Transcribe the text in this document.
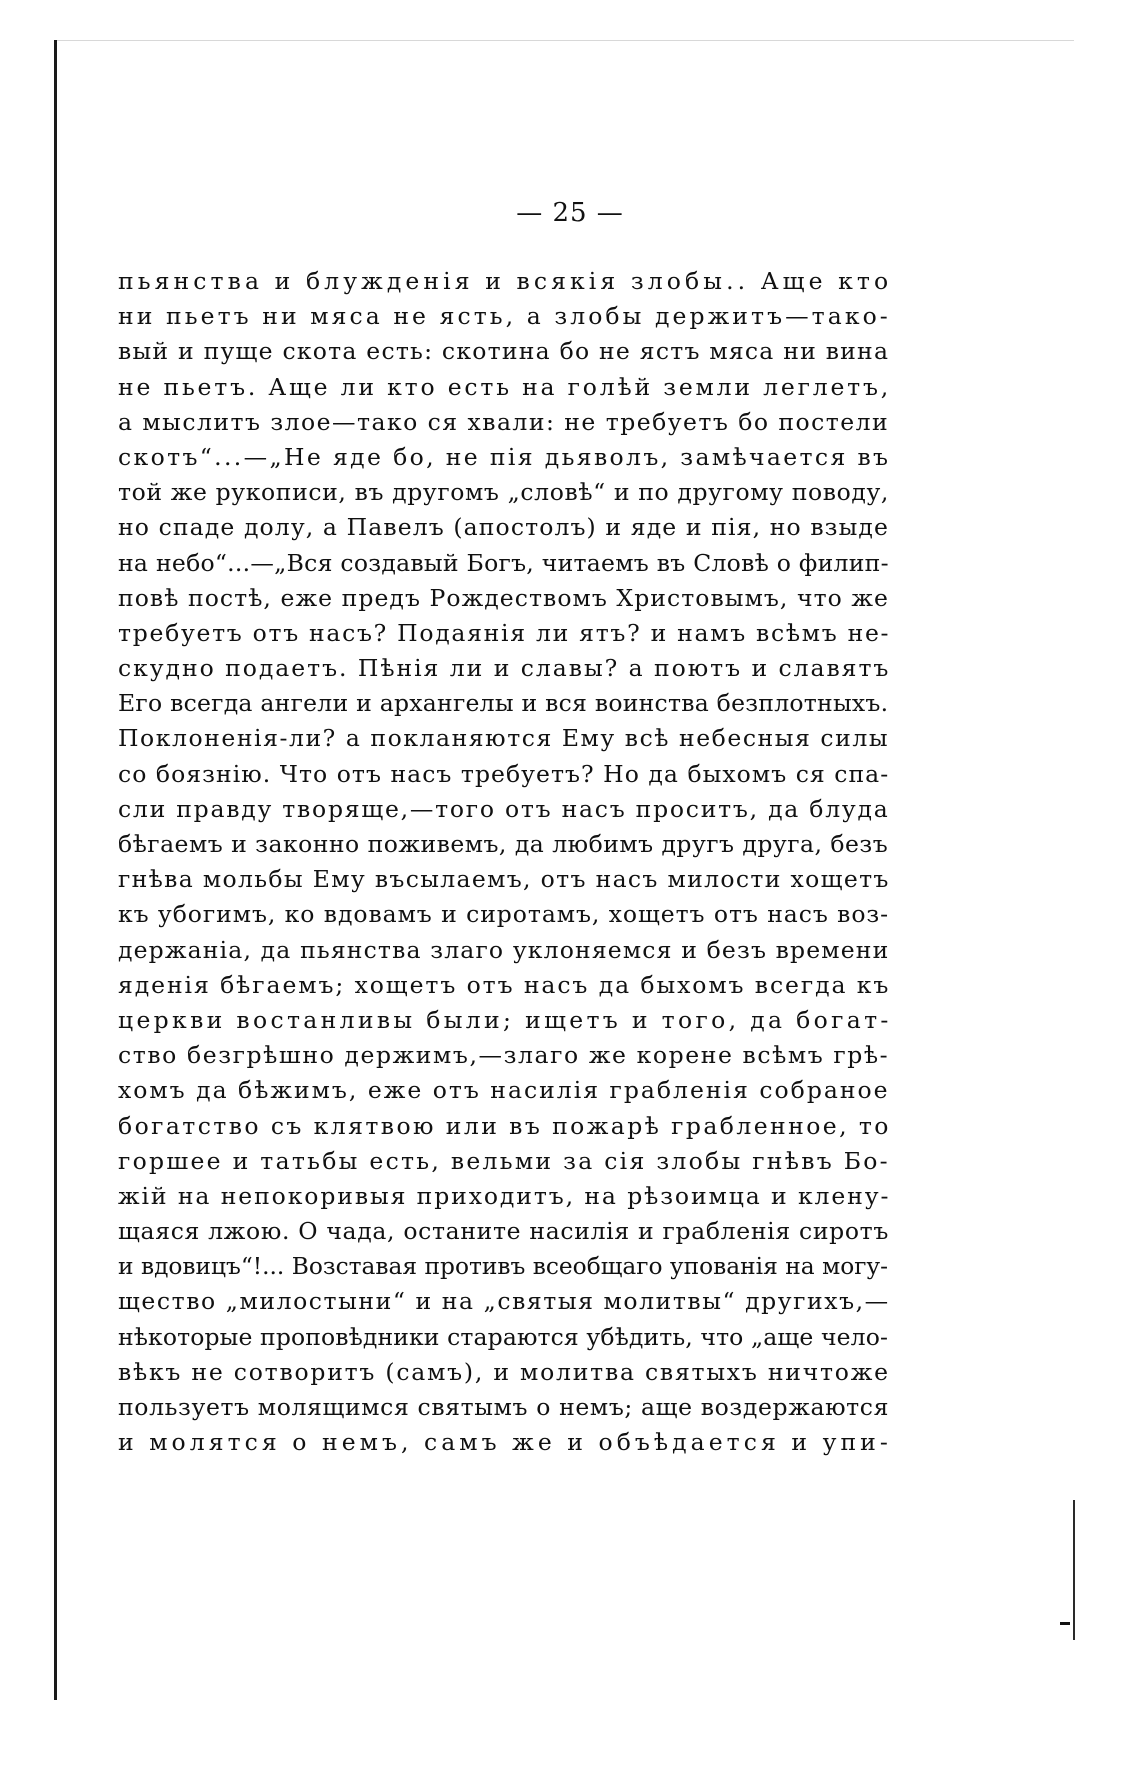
— 25 —
пьянства и блужденія и всякія злобы.. Аще кто
ни пьетъ ни мяса не ясть, а злобы держитъ—тако-
вый и пуще скота есть: скотина бо не ястъ мяса ни вина
не пьетъ. Аще ли кто есть на голѣй земли леглетъ,
а мыслитъ злое—тако ся хвали: не требуетъ бо постели
скотъ“...—„Не яде бо, не пія дьяволъ, замѣчается въ
той же рукописи, въ другомъ „словѣ“ и по другому поводу,
но спаде долу, а Павелъ (апостолъ) и яде и пія, но взыде
на небо“...—„Вся создавый Богъ, читаемъ въ Словѣ о филип-
повѣ постѣ, еже предъ Рождествомъ Христовымъ, что же
требуетъ отъ насъ? Подаянія ли ятъ? и намъ всѣмъ не-
скудно подаетъ. Пѣнія ли и славы? а поютъ и славятъ
Его всегда ангели и архангелы и вся воинства безплотныхъ.
Поклоненія-ли? а покланяются Ему всѣ небесныя силы
со боязнію. Что отъ насъ требуетъ? Но да быхомъ ся спа-
сли правду творяще,—того отъ насъ проситъ, да блуда
бѣгаемъ и законно поживемъ, да любимъ другъ друга, безъ
гнѣва мольбы Ему въсылаемъ, отъ насъ милости хощетъ
къ убогимъ, ко вдовамъ и сиротамъ, хощетъ отъ насъ воз-
держаніа, да пьянства злаго уклоняемся и безъ времени
яденія бѣгаемъ; хощетъ отъ насъ да быхомъ всегда къ
церкви востанливы были; ищетъ и того, да богат-
ство безгрѣшно держимъ,—злаго же корене всѣмъ грѣ-
хомъ да бѣжимъ, еже отъ насилія грабленія собраное
богатство съ клятвою или въ пожарѣ грабленное, то
горшее и татьбы есть, вельми за сія злобы гнѣвъ Бо-
жій на непокоривыя приходитъ, на рѣзоимца и клену-
щаяся лжою. О чада, останите насилія и грабленія сиротъ
и вдовицъ“!... Возставая противъ всеобщаго упованія на могу-
щество „милостыни“ и на „святыя молитвы“ другихъ,—
нѣкоторые проповѣдники стараются убѣдить, что „аще чело-
вѣкъ не сотворитъ (самъ), и молитва святыхъ ничтоже
пользуетъ молящимся святымъ о немъ; аще воздержаются
и молятся о немъ, самъ же и объѣдается и упи-
